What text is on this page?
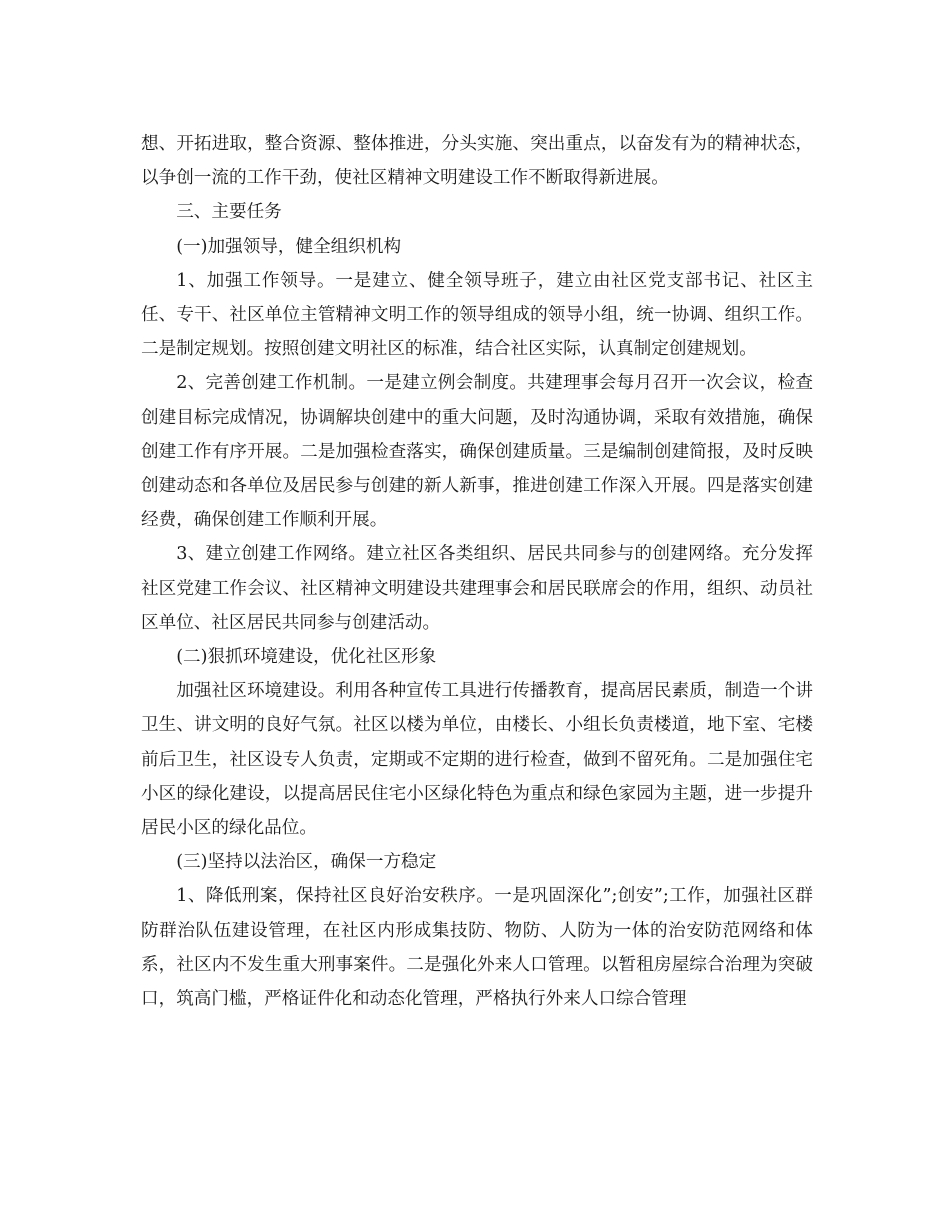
想、开拓进取，整合资源、整体推进，分头实施、突出重点，以奋发有为的精神状态，以争创一流的工作干劲，使社区精神文明建设工作不断取得新进展。

三、主要任务

(一)加强领导，健全组织机构

1、加强工作领导。一是建立、健全领导班子，建立由社区党支部书记、社区主任、专干、社区单位主管精神文明工作的领导组成的领导小组，统一协调、组织工作。二是制定规划。按照创建文明社区的标准，结合社区实际，认真制定创建规划。

2、完善创建工作机制。一是建立例会制度。共建理事会每月召开一次会议，检查创建目标完成情况，协调解块创建中的重大问题，及时沟通协调，采取有效措施，确保创建工作有序开展。二是加强检查落实，确保创建质量。三是编制创建简报，及时反映创建动态和各单位及居民参与创建的新人新事，推进创建工作深入开展。四是落实创建经费，确保创建工作顺利开展。

3、建立创建工作网络。建立社区各类组织、居民共同参与的创建网络。充分发挥社区党建工作会议、社区精神文明建设共建理事会和居民联席会的作用，组织、动员社区单位、社区居民共同参与创建活动。

(二)狠抓环境建设，优化社区形象

加强社区环境建设。利用各种宣传工具进行传播教育，提高居民素质，制造一个讲卫生、讲文明的良好气氛。社区以楼为单位，由楼长、小组长负责楼道，地下室、宅楼前后卫生，社区设专人负责，定期或不定期的进行检查，做到不留死角。二是加强住宅小区的绿化建设，以提高居民住宅小区绿化特色为重点和绿色家园为主题，进一步提升居民小区的绿化品位。

(三)坚持以法治区，确保一方稳定

1、降低刑案，保持社区良好治安秩序。一是巩固深化”;创安”;工作，加强社区群防群治队伍建设管理，在社区内形成集技防、物防、人防为一体的治安防范网络和体系，社区内不发生重大刑事案件。二是强化外来人口管理。以暂租房屋综合治理为突破口，筑高门槛，严格证件化和动态化管理，严格执行外来人口综合管理
